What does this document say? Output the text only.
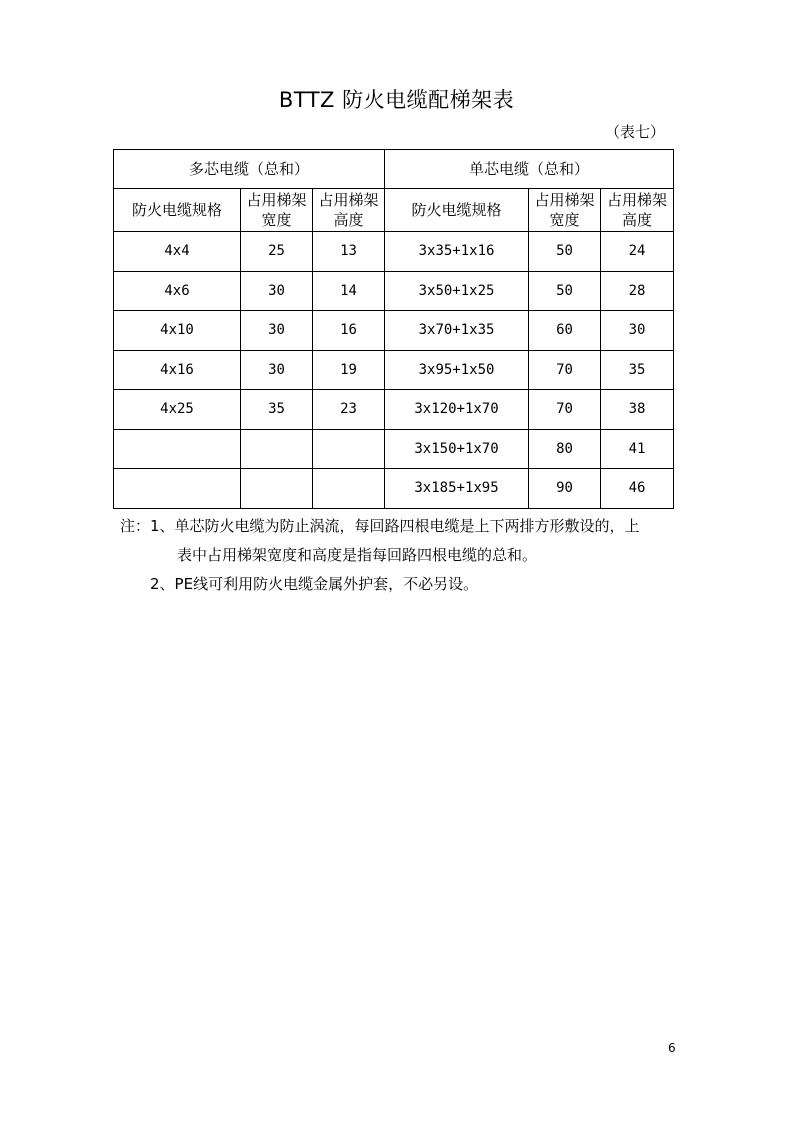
BTTZ 防火电缆配梯架表
（表七）
多芯电缆（总和）			单芯电缆（总和）		
防火电缆规格	占用梯架宽度	占用梯架高度	防火电缆规格	占用梯架宽度	占用梯架高度
4x4	25	13	3x35+1x16	50	24
4x6	30	14	3x50+1x25	50	28
4x10	30	16	3x70+1x35	60	30
4x16	30	19	3x95+1x50	70	35
4x25	35	23	3x120+1x70	70	38
			3x150+1x70	80	41
			3x185+1x95	90	46
注：1、单芯防火电缆为防止涡流，每回路四根电缆是上下两排方形敷设的，上
表中占用梯架宽度和高度是指每回路四根电缆的总和。
2、PE线可利用防火电缆金属外护套，不必另设。
6
